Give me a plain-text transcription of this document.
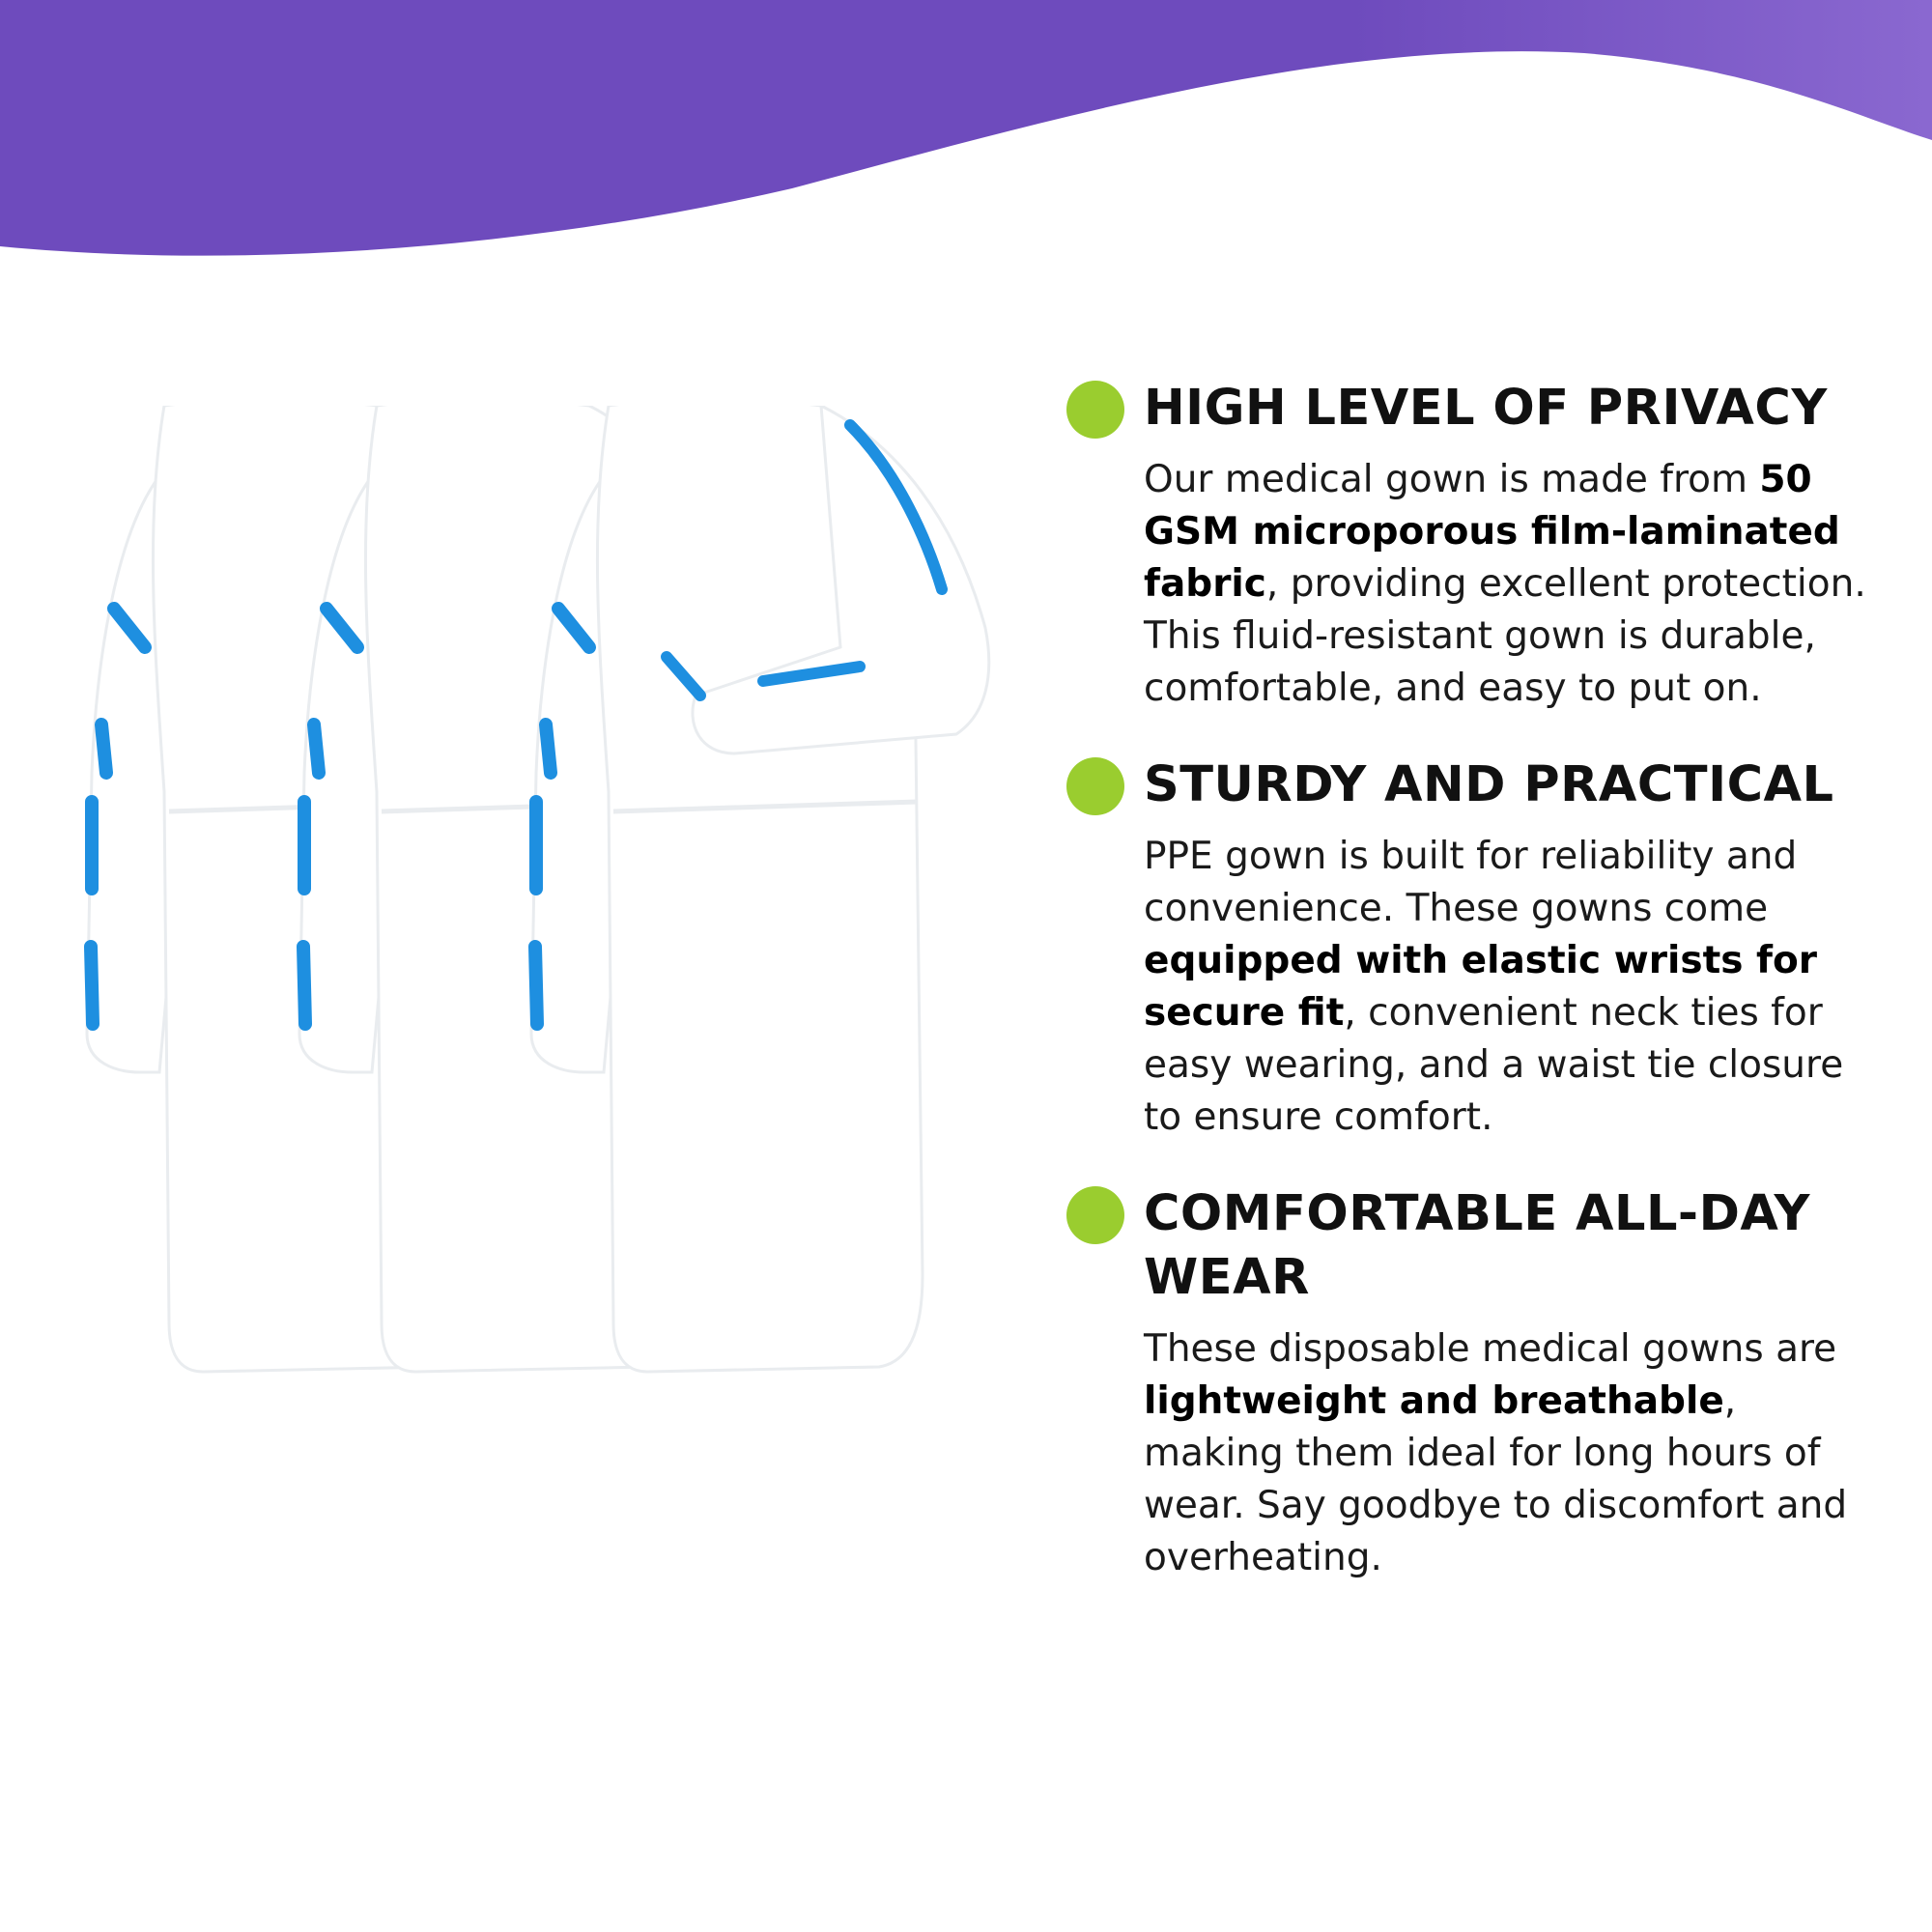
HIGH LEVEL OF PRIVACY

Our medical gown is made from 50 GSM microporous film-laminated fabric, providing excellent protection. This fluid-resistant gown is durable, comfortable, and easy to put on.

STURDY AND PRACTICAL

PPE gown is built for reliability and convenience. These gowns come equipped with elastic wrists for secure fit, convenient neck ties for easy wearing, and a waist tie closure to ensure comfort.

COMFORTABLE ALL-DAY WEAR

These disposable medical gowns are lightweight and breathable, making them ideal for long hours of wear. Say goodbye to discomfort and overheating.
